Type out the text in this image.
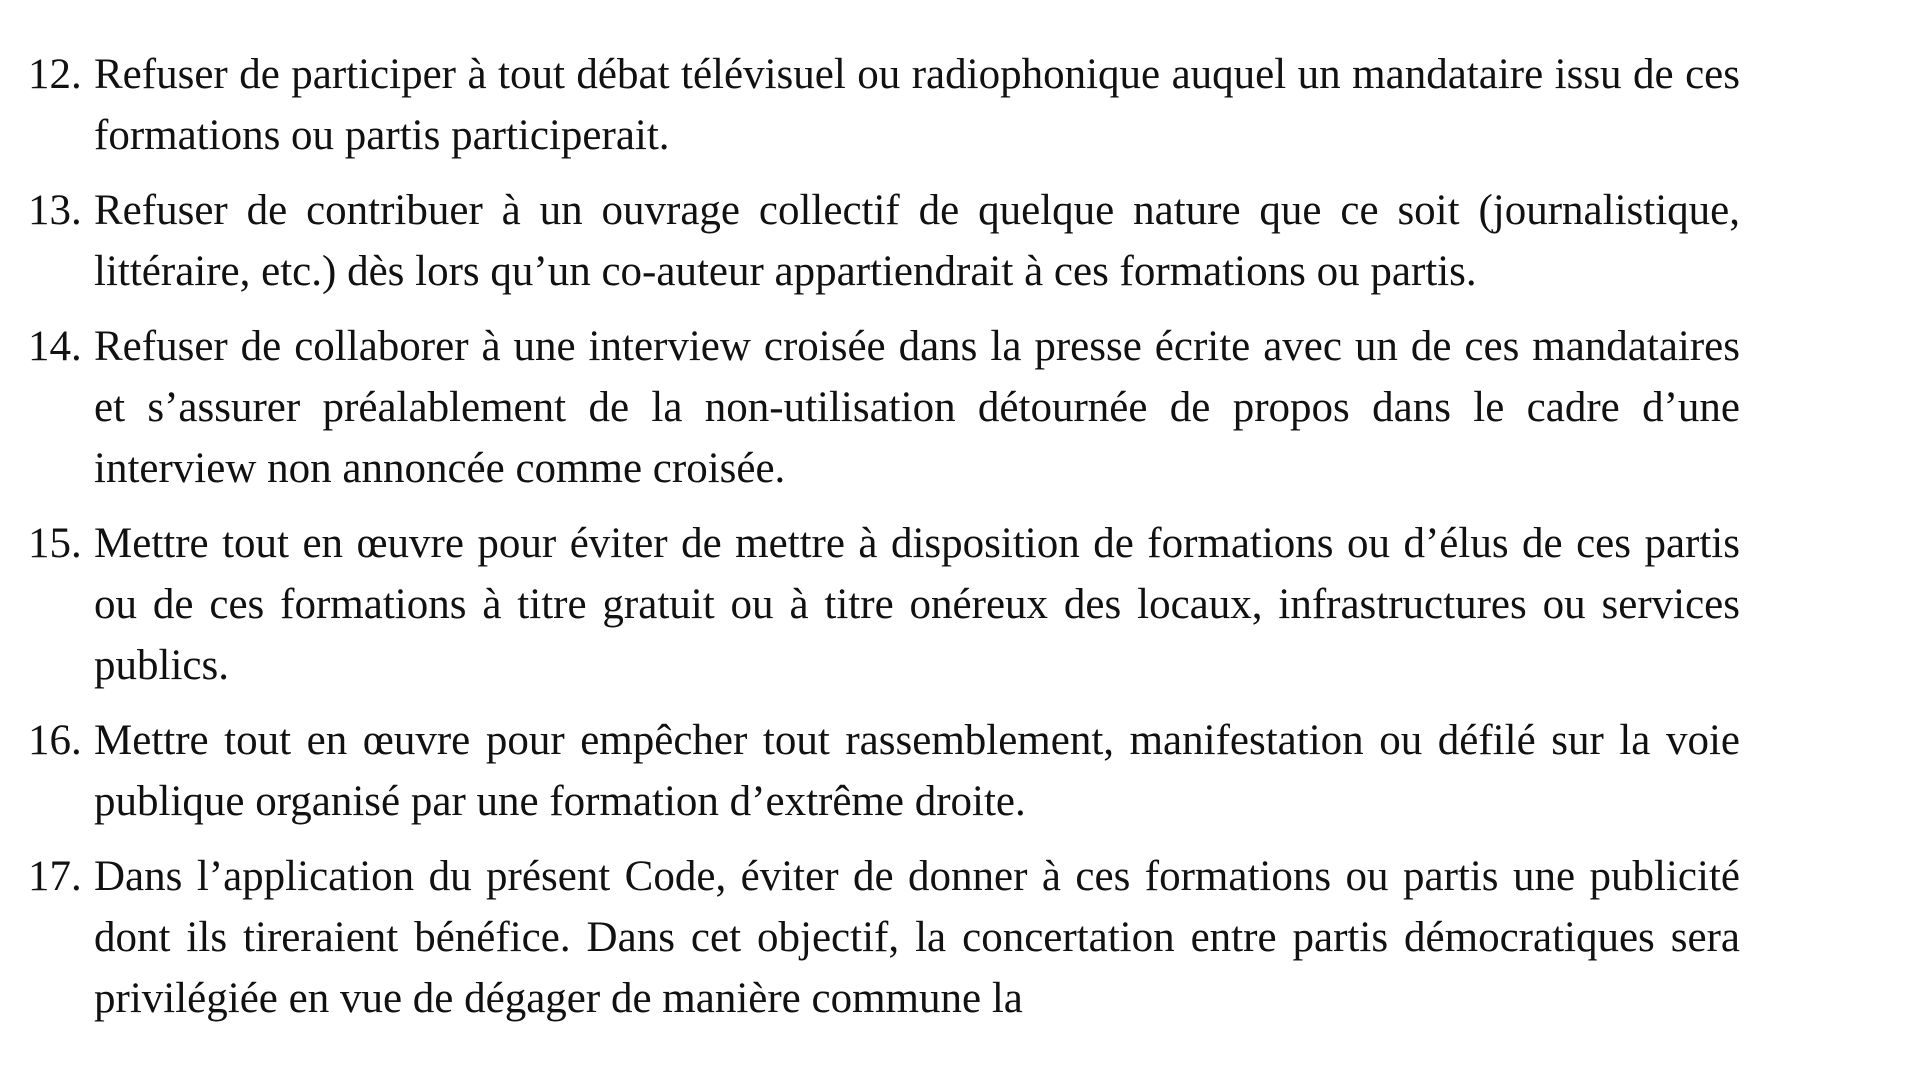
12. Refuser de participer à tout débat télévisuel ou radiophonique auquel un mandataire issu de ces formations ou partis participerait.
13. Refuser de contribuer à un ouvrage collectif de quelque nature que ce soit (journalistique, littéraire, etc.) dès lors qu’un co-auteur appartiendrait à ces formations ou partis.
14. Refuser de collaborer à une interview croisée dans la presse écrite avec un de ces mandataires et s’assurer préalablement de la non-utilisation détournée de propos dans le cadre d’une interview non annoncée comme croisée.
15. Mettre tout en œuvre pour éviter de mettre à disposition de formations ou d’élus de ces partis ou de ces formations à titre gratuit ou à titre onéreux des locaux, infrastructures ou services publics.
16. Mettre tout en œuvre pour empêcher tout rassemblement, manifestation ou défilé sur la voie publique organisé par une formation d’extrême droite.
17. Dans l’application du présent Code, éviter de donner à ces formations ou partis une publicité dont ils tireraient bénéfice. Dans cet objectif, la concertation entre partis démocratiques sera privilégiée en vue de dégager de manière commune la
